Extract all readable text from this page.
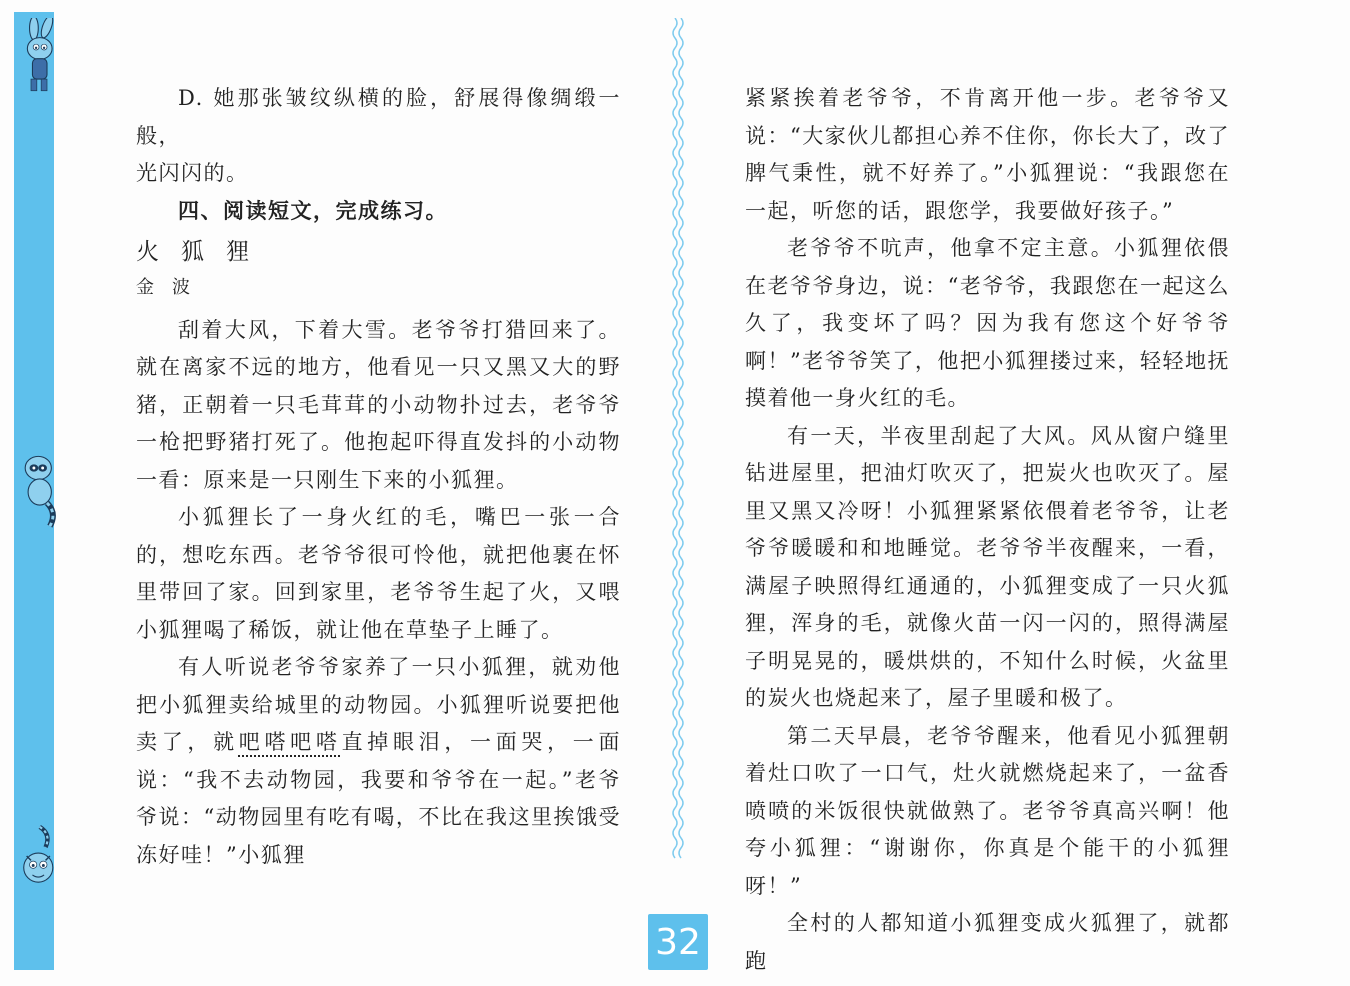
D. 她那张皱纹纵横的脸，舒展得像绸缎一般，

光闪闪的。

四、阅读短文，完成练习。

火狐狸

金波

刮着大风，下着大雪。老爷爷打猎回来了。就在离家不远的地方，他看见一只又黑又大的野猪，正朝着一只毛茸茸的小动物扑过去，老爷爷一枪把野猪打死了。他抱起吓得直发抖的小动物一看：原来是一只刚生下来的小狐狸。

小狐狸长了一身火红的毛，嘴巴一张一合的，想吃东西。老爷爷很可怜他，就把他裹在怀里带回了家。回到家里，老爷爷生起了火，又喂小狐狸喝了稀饭，就让他在草垫子上睡了。

有人听说老爷爷家养了一只小狐狸，就劝他把小狐狸卖给城里的动物园。小狐狸听说要把他卖了，就吧嗒吧嗒直掉眼泪，一面哭，一面说：“我不去动物园，我要和爷爷在一起。”老爷爷说：“动物园里有吃有喝，不比在我这里挨饿受冻好哇！”小狐狸

紧紧挨着老爷爷，不肯离开他一步。老爷爷又说：“大家伙儿都担心养不住你，你长大了，改了脾气秉性，就不好养了。”小狐狸说：“我跟您在一起，听您的话，跟您学，我要做好孩子。”

老爷爷不吭声，他拿不定主意。小狐狸依偎在老爷爷身边，说：“老爷爷，我跟您在一起这么久了，我变坏了吗？因为我有您这个好爷爷啊！”老爷爷笑了，他把小狐狸搂过来，轻轻地抚摸着他一身火红的毛。

有一天，半夜里刮起了大风。风从窗户缝里钻进屋里，把油灯吹灭了，把炭火也吹灭了。屋里又黑又冷呀！小狐狸紧紧依偎着老爷爷，让老爷爷暖暖和和地睡觉。老爷爷半夜醒来，一看，满屋子映照得红通通的，小狐狸变成了一只火狐狸，浑身的毛，就像火苗一闪一闪的，照得满屋子明晃晃的，暖烘烘的，不知什么时候，火盆里的炭火也烧起来了，屋子里暖和极了。

第二天早晨，老爷爷醒来，他看见小狐狸朝着灶口吹了一口气，灶火就燃烧起来了，一盆香喷喷的米饭很快就做熟了。老爷爷真高兴啊！他夸小狐狸：“谢谢你，你真是个能干的小狐狸呀！”

全村的人都知道小狐狸变成火狐狸了，就都跑

32
